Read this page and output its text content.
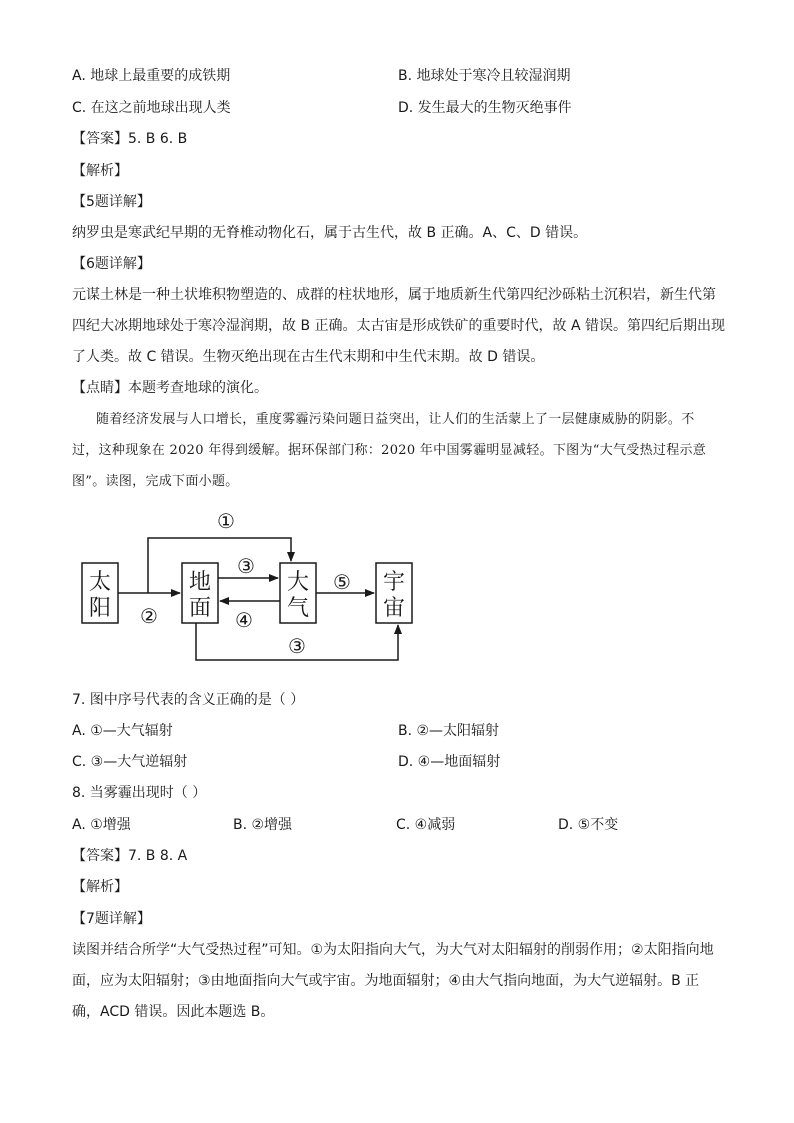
A. 地球上最重要的成铁期	B. 地球处于寒冷且较湿润期
C. 在这之前地球出现人类	D. 发生最大的生物灭绝事件
【答案】5. B 6. B
【解析】
【5题详解】
纳罗虫是寒武纪早期的无脊椎动物化石，属于古生代，故 B 正确。A、C、D 错误。
【6题详解】
元谋土林是一种土状堆积物塑造的、成群的柱状地形，属于地质新生代第四纪沙砾粘土沉积岩，新生代第
四纪大冰期地球处于寒冷湿润期，故 B 正确。太古宙是形成铁矿的重要时代，故 A 错误。第四纪后期出现
了人类。故 C 错误。生物灭绝出现在古生代末期和中生代末期。故 D 错误。
【点睛】本题考查地球的演化。
随着经济发展与人口增长，重度雾霾污染问题日益突出，让人们的生活蒙上了一层健康威胁的阴影。不
过，这种现象在 2020 年得到缓解。据环保部门称：2020 年中国雾霾明显减轻。下图为“大气受热过程示意
图”。读图，完成下面小题。
太
阳
地
面
大
气
宇
宙
①
②
③
④
⑤
③
7. 图中序号代表的含义正确的是（ ）
A. ①—大气辐射	B. ②—太阳辐射
C. ③—大气逆辐射	D. ④—地面辐射
8. 当雾霾出现时（ ）
A. ①增强	B. ②增强	C. ④减弱	D. ⑤不变
【答案】7. B 8. A
【解析】
【7题详解】
读图并结合所学“大气受热过程”可知。①为太阳指向大气，为大气对太阳辐射的削弱作用；②太阳指向地
面，应为太阳辐射；③由地面指向大气或宇宙。为地面辐射；④由大气指向地面，为大气逆辐射。B 正
确，ACD 错误。因此本题选 B。
